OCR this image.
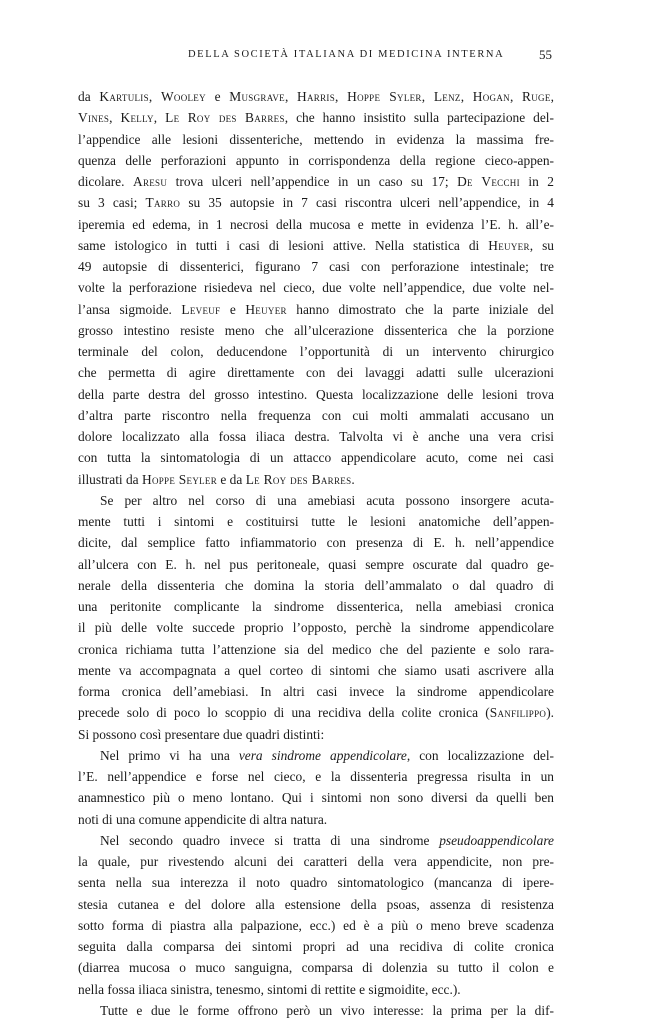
DELLA SOCIETÀ ITALIANA DI MEDICINA INTERNA	55
da Kartulis, Wooley e Musgrave, Harris, Hoppe Syler, Lenz, Hogan, Ruge,
Vines, Kelly, Le Roy des Barres, che hanno insistito sulla partecipazione del-
l’appendice alle lesioni dissenteriche, mettendo in evidenza la massima fre-
quenza delle perforazioni appunto in corrispondenza della regione cieco-appen-
dicolare. Aresu trova ulceri nell’appendice in un caso su 17; De Vecchi in 2
su 3 casi; Tarro su 35 autopsie in 7 casi riscontra ulceri nell’appendice, in 4
iperemia ed edema, in 1 necrosi della mucosa e mette in evidenza l’E. h. all’e-
same istologico in tutti i casi di lesioni attive. Nella statistica di Heuyer, su
49 autopsie di dissenterici, figurano 7 casi con perforazione intestinale; tre
volte la perforazione risiedeva nel cieco, due volte nell’appendice, due volte nel-
l’ansa sigmoide. Leveuf e Heuyer hanno dimostrato che la parte iniziale del
grosso intestino resiste meno che all’ulcerazione dissenterica che la porzione
terminale del colon, deducendone l’opportunità di un intervento chirurgico
che permetta di agire direttamente con dei lavaggi adatti sulle ulcerazioni
della parte destra del grosso intestino. Questa localizzazione delle lesioni trova
d’altra parte riscontro nella frequenza con cui molti ammalati accusano un
dolore localizzato alla fossa iliaca destra. Talvolta vi è anche una vera crisi
con tutta la sintomatologia di un attacco appendicolare acuto, come nei casi
illustrati da Hoppe Seyler e da Le Roy des Barres.
Se per altro nel corso di una amebiasi acuta possono insorgere acuta-
mente tutti i sintomi e costituirsi tutte le lesioni anatomiche dell’appen-
dicite, dal semplice fatto infiammatorio con presenza di E. h. nell’appendice
all’ulcera con E. h. nel pus peritoneale, quasi sempre oscurate dal quadro ge-
nerale della dissenteria che domina la storia dell’ammalato o dal quadro di
una peritonite complicante la sindrome dissenterica, nella amebiasi cronica
il più delle volte succede proprio l’opposto, perchè la sindrome appendicolare
cronica richiama tutta l’attenzione sia del medico che del paziente e solo rara-
mente va accompagnata a quel corteo di sintomi che siamo usati ascrivere alla
forma cronica dell’amebiasi. In altri casi invece la sindrome appendicolare
precede solo di poco lo scoppio di una recidiva della colite cronica (Sanfilippo).
Si possono così presentare due quadri distinti:
Nel primo vi ha una vera sindrome appendicolare, con localizzazione del-
l’E. nell’appendice e forse nel cieco, e la dissenteria pregressa risulta in un
anamnestico più o meno lontano. Qui i sintomi non sono diversi da quelli ben
noti di una comune appendicite di altra natura.
Nel secondo quadro invece si tratta di una sindrome pseudoappendicolare
la quale, pur rivestendo alcuni dei caratteri della vera appendicite, non pre-
senta nella sua interezza il noto quadro sintomatologico (mancanza di ipere-
stesia cutanea e del dolore alla estensione della psoas, assenza di resistenza
sotto forma di piastra alla palpazione, ecc.) ed è a più o meno breve scadenza
seguita dalla comparsa dei sintomi propri ad una recidiva di colite cronica
(diarrea mucosa o muco sanguigna, comparsa di dolenzia su tutto il colon e
nella fossa iliaca sinistra, tenesmo, sintomi di rettite e sigmoidite, ecc.).
Tutte e due le forme offrono però un vivo interesse: la prima per la dif-
